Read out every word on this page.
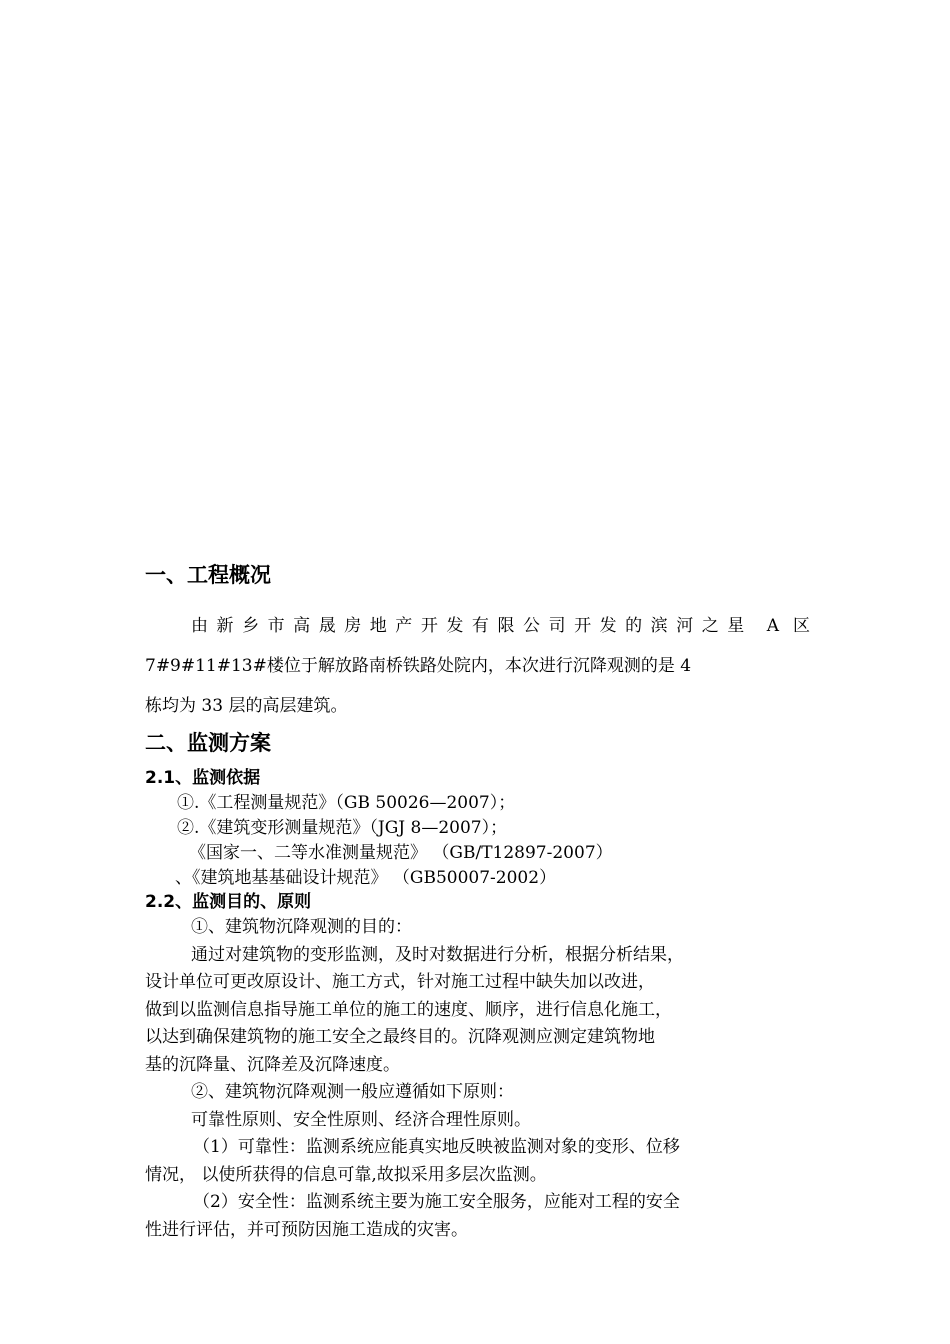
一、工程概况
由新乡市高晟房地产开发有限公司开发的滨河之星 A 区
7#9#11#13#楼位于解放路南桥铁路处院内，本次进行沉降观测的是 4
栋均为 33 层的高层建筑。
二、监测方案
2.1、监测依据
①.《工程测量规范》（GB 50026—2007）；
②.《建筑变形测量规范》（JGJ 8—2007）；
《国家一、二等水准测量规范》 （GB/T12897-2007）
、《建筑地基基础设计规范》 （GB50007-2002）
2.2、监测目的、原则
①、建筑物沉降观测的目的：
通过对建筑物的变形监测，及时对数据进行分析，根据分析结果，
设计单位可更改原设计、施工方式，针对施工过程中缺失加以改进，
做到以监测信息指导施工单位的施工的速度、顺序，进行信息化施工，
以达到确保建筑物的施工安全之最终目的。沉降观测应测定建筑物地
基的沉降量、沉降差及沉降速度。
②、建筑物沉降观测一般应遵循如下原则：
可靠性原则、安全性原则、经济合理性原则。
（1）可靠性：监测系统应能真实地反映被监测对象的变形、位移
情况， 以使所获得的信息可靠,故拟采用多层次监测。
（2）安全性：监测系统主要为施工安全服务，应能对工程的安全
性进行评估，并可预防因施工造成的灾害。
